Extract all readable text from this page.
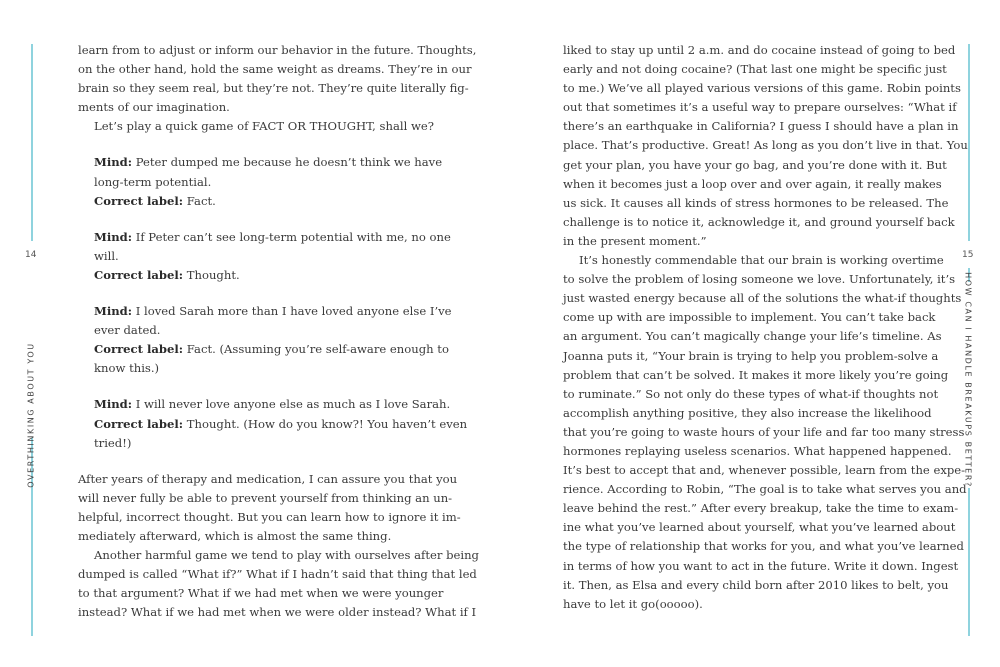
14
OVERTHINKING ABOUT YOU
learn from to adjust or inform our behavior in the future. Thoughts,
on the other hand, hold the same weight as dreams. They’re in our
brain so they seem real, but they’re not. They’re quite literally fig-
ments of our imagination.
Let’s play a quick game of FACT OR THOUGHT, shall we?
Mind: Peter dumped me because he doesn’t think we have
long-term potential.
Correct label: Fact.
Mind: If Peter can’t see long-term potential with me, no one
will.
Correct label: Thought.
Mind: I loved Sarah more than I have loved anyone else I’ve
ever dated.
Correct label: Fact. (Assuming you’re self-aware enough to
know this.)
Mind: I will never love anyone else as much as I love Sarah.
Correct label: Thought. (How do you know?! You haven’t even
tried!)
After years of therapy and medication, I can assure you that you
will never fully be able to prevent yourself from thinking an un-
helpful, incorrect thought. But you can learn how to ignore it im-
mediately afterward, which is almost the same thing.
Another harmful game we tend to play with ourselves after being
dumped is called “What if?” What if I hadn’t said that thing that led
to that argument? What if we had met when we were younger
instead? What if we had met when we were older instead? What if I
liked to stay up until 2 a.m. and do cocaine instead of going to bed
early and not doing cocaine? (That last one might be specific just
to me.) We’ve all played various versions of this game. Robin points
out that sometimes it’s a useful way to prepare ourselves: “What if
there’s an earthquake in California? I guess I should have a plan in
place. That’s productive. Great! As long as you don’t live in that. You
get your plan, you have your go bag, and you’re done with it. But
when it becomes just a loop over and over again, it really makes
us sick. It causes all kinds of stress hormones to be released. The
challenge is to notice it, acknowledge it, and ground yourself back
in the present moment.”
It’s honestly commendable that our brain is working overtime
to solve the problem of losing someone we love. Unfortunately, it’s
just wasted energy because all of the solutions the what-if thoughts
come up with are impossible to implement. You can’t take back
an argument. You can’t magically change your life’s timeline. As
Joanna puts it, “Your brain is trying to help you problem-solve a
problem that can’t be solved. It makes it more likely you’re going
to ruminate.” So not only do these types of what-if thoughts not
accomplish anything positive, they also increase the likelihood
that you’re going to waste hours of your life and far too many stress
hormones replaying useless scenarios. What happened happened.
It’s best to accept that and, whenever possible, learn from the expe-
rience. According to Robin, “The goal is to take what serves you and
leave behind the rest.” After every breakup, take the time to exam-
ine what you’ve learned about yourself, what you’ve learned about
the type of relationship that works for you, and what you’ve learned
in terms of how you want to act in the future. Write it down. Ingest
it. Then, as Elsa and every child born after 2010 likes to belt, you
have to let it go(ooooo).
15
HOW CAN I HANDLE BREAKUPS BETTER?
